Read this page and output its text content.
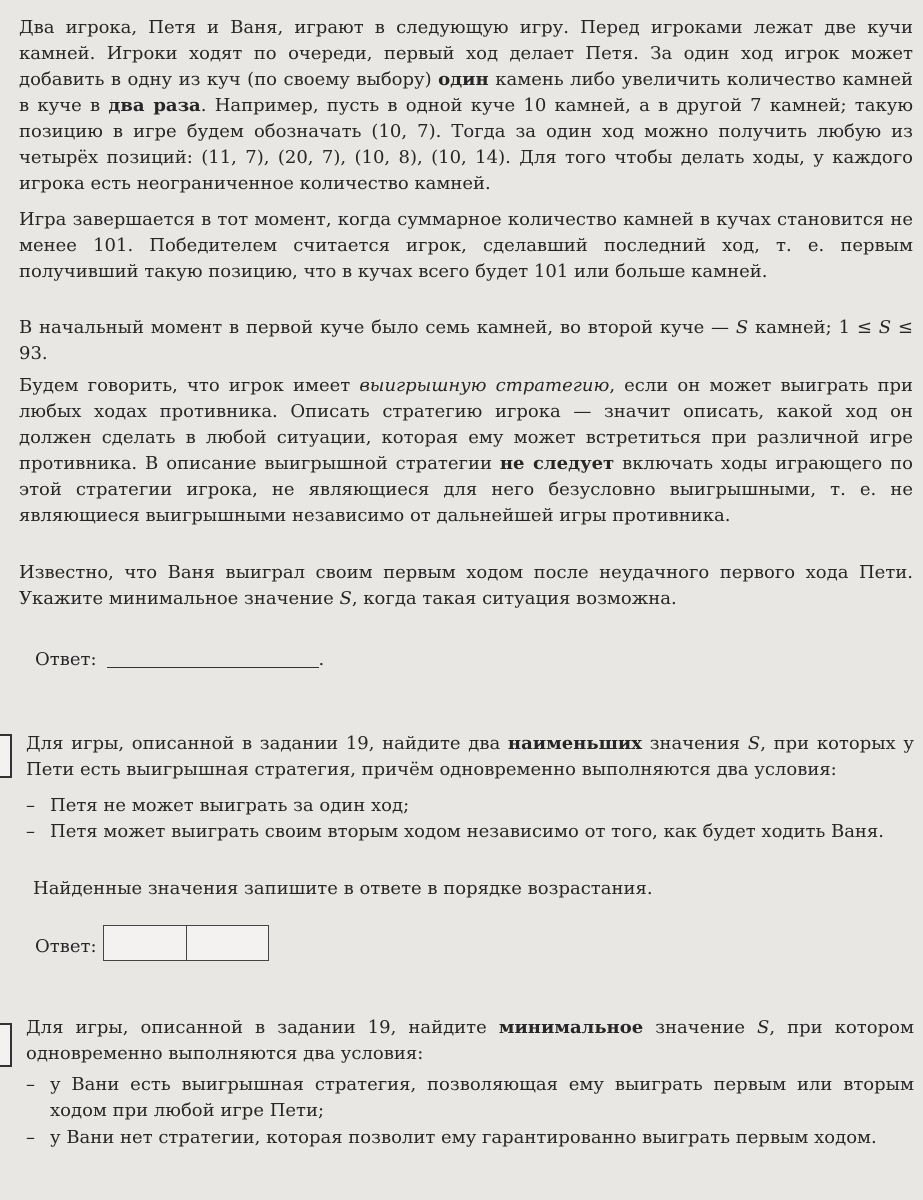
Два игрока, Петя и Ваня, играют в следующую игру. Перед игроками лежат две кучи камней. Игроки ходят по очереди, первый ход делает Петя. За один ход игрок может добавить в одну из куч (по своему выбору) один камень либо увеличить количество камней в куче в два раза. Например, пусть в одной куче 10 камней, а в другой 7 камней; такую позицию в игре будем обозначать (10, 7). Тогда за один ход можно получить любую из четырёх позиций: (11, 7), (20, 7), (10, 8), (10, 14). Для того чтобы делать ходы, у каждого игрока есть неограниченное количество камней.

Игра завершается в тот момент, когда суммарное количество камней в кучах становится не менее 101. Победителем считается игрок, сделавший последний ход, т. е. первым получивший такую позицию, что в кучах всего будет 101 или больше камней.

В начальный момент в первой куче было семь камней, во второй куче — S камней; 1 ≤ S ≤ 93.

Будем говорить, что игрок имеет выигрышную стратегию, если он может выиграть при любых ходах противника. Описать стратегию игрока — значит описать, какой ход он должен сделать в любой ситуации, которая ему может встретиться при различной игре противника. В описание выигрышной стратегии не следует включать ходы играющего по этой стратегии игрока, не являющиеся для него безусловно выигрышными, т. е. не являющиеся выигрышными независимо от дальнейшей игры противника.

Известно, что Ваня выиграл своим первым ходом после неудачного первого хода Пети. Укажите минимальное значение S, когда такая ситуация возможна.

Ответ:	.

Для игры, описанной в задании 19, найдите два наименьших значения S, при которых у Пети есть выигрышная стратегия, причём одновременно выполняются два условия:

– Петя не может выиграть за один ход;
– Петя может выиграть своим вторым ходом независимо от того, как будет ходить Ваня.

Найденные значения запишите в ответе в порядке возрастания.

Ответ:

Для игры, описанной в задании 19, найдите минимальное значение S, при котором одновременно выполняются два условия:

– у Вани есть выигрышная стратегия, позволяющая ему выиграть первым или вторым ходом при любой игре Пети;
– у Вани нет стратегии, которая позволит ему гарантированно выиграть первым ходом.
